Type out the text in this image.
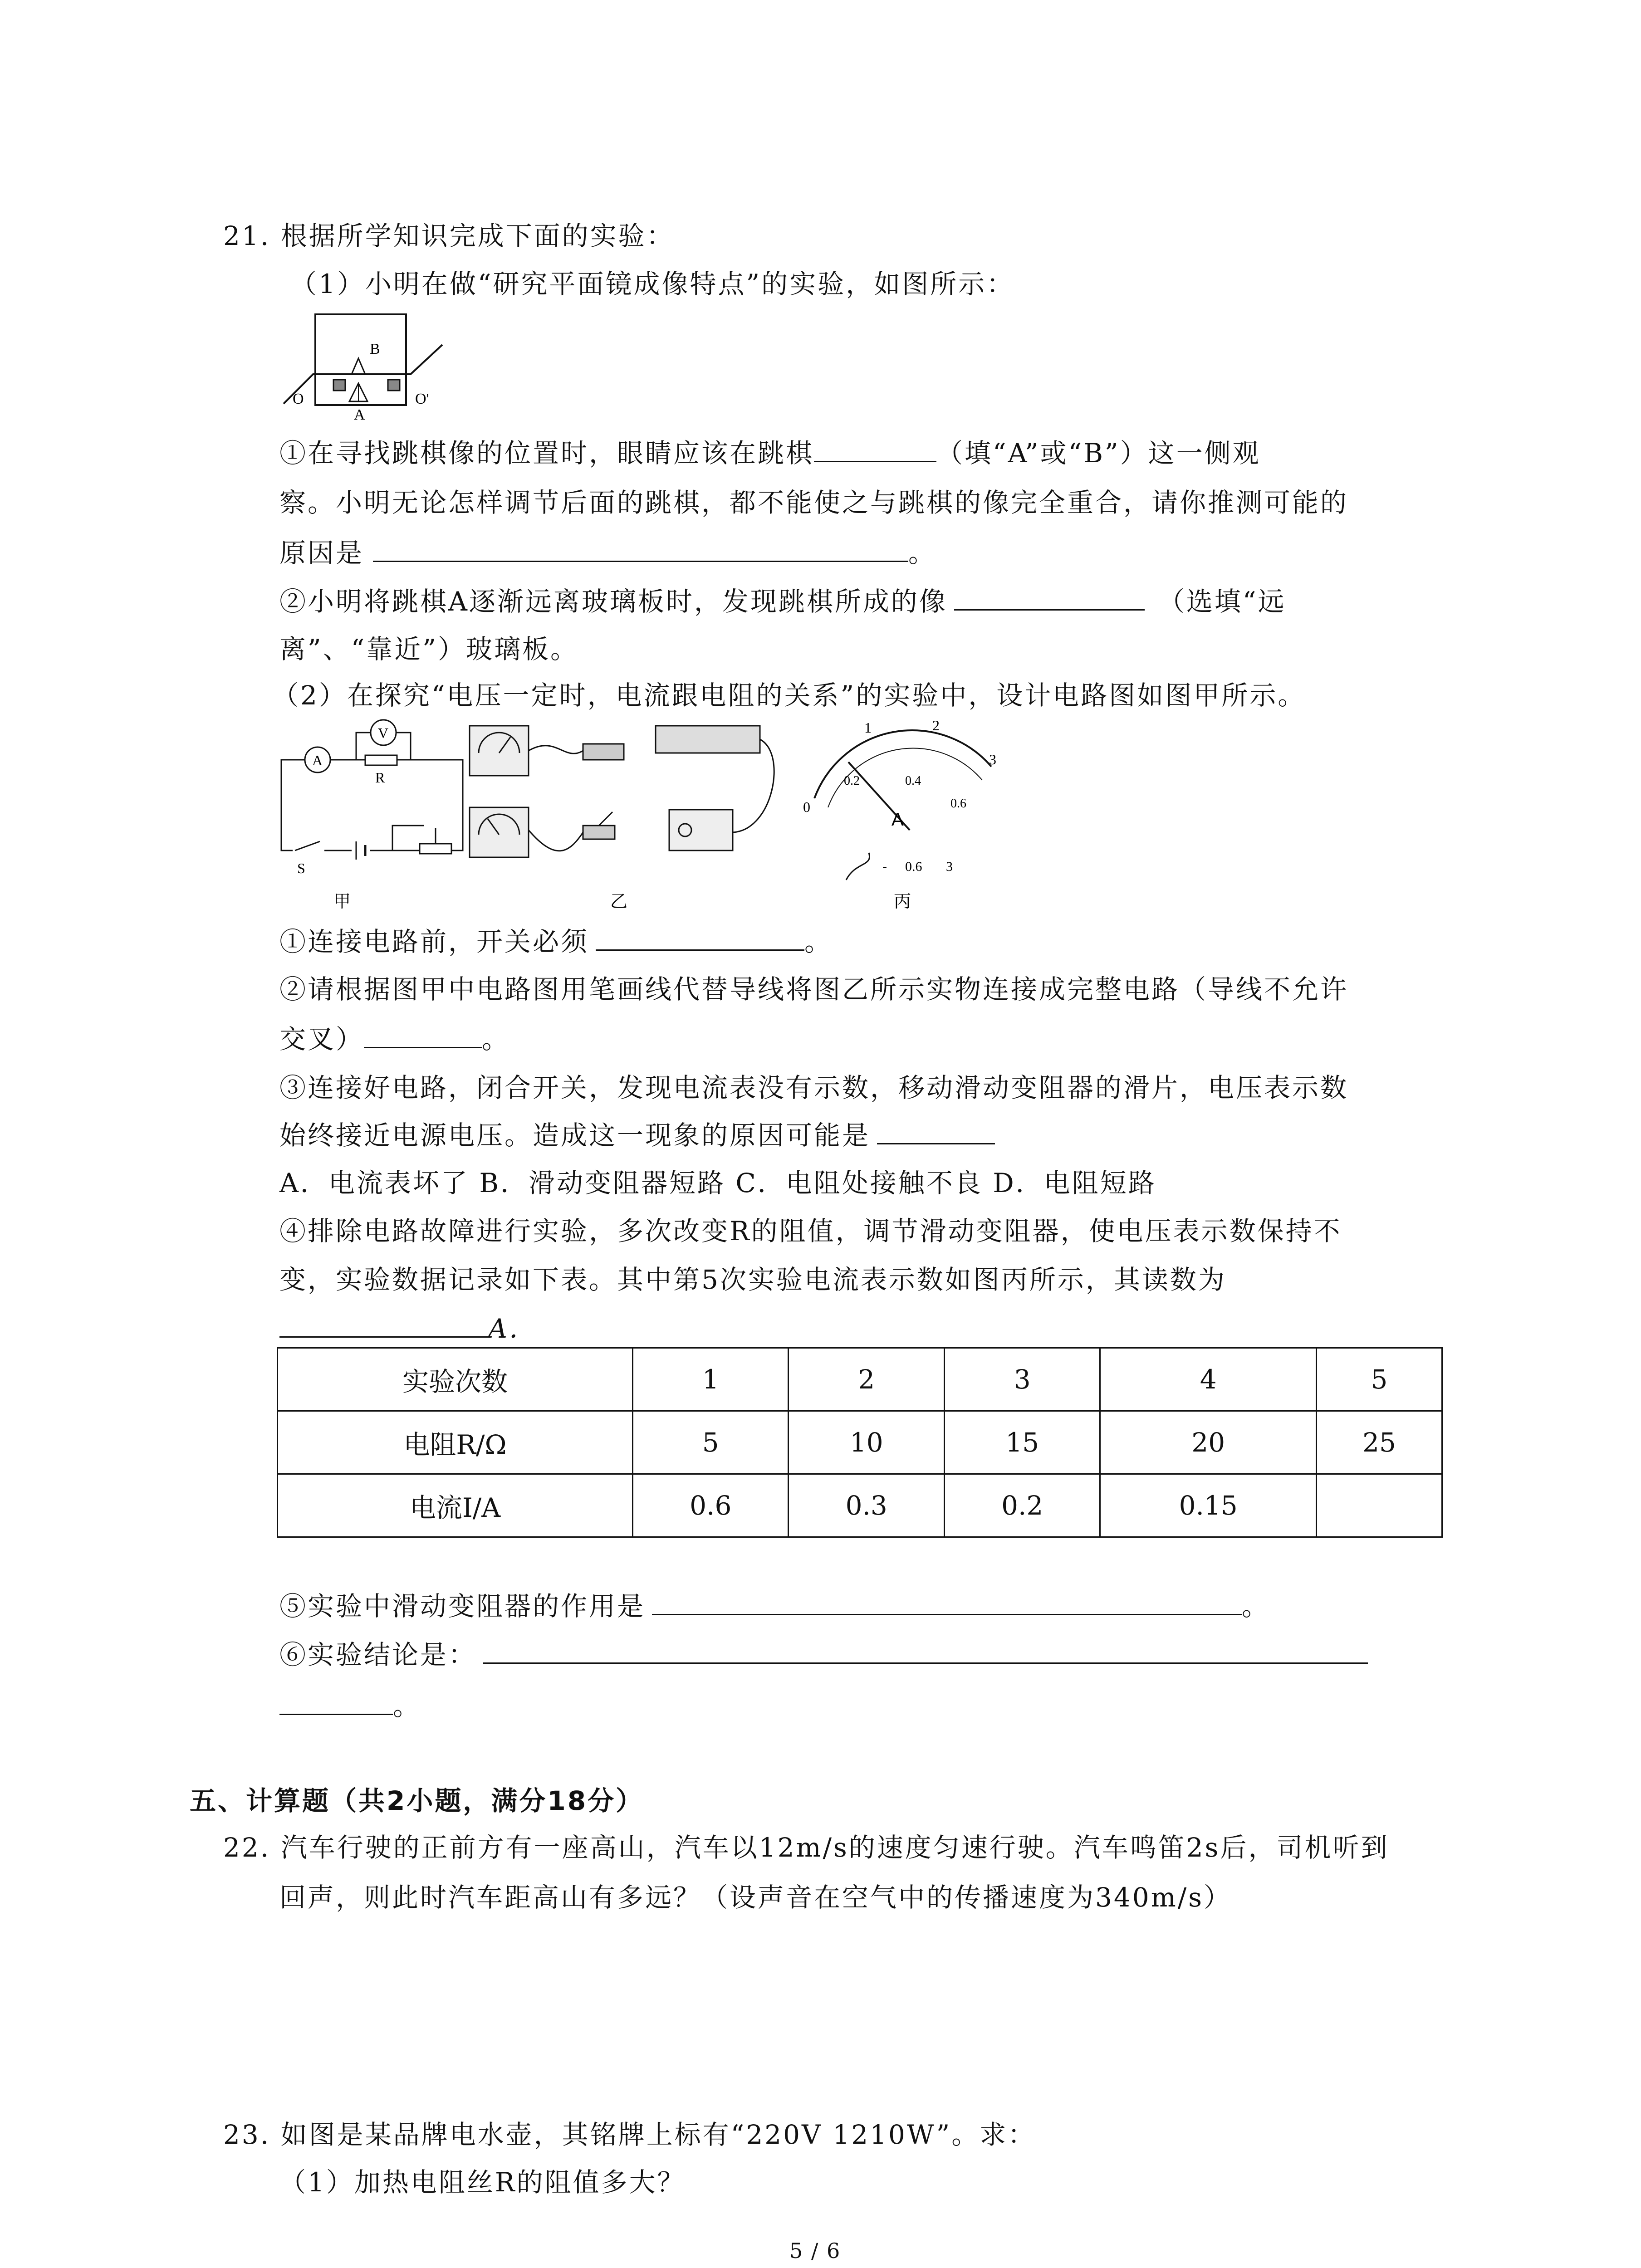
21. 根据所学知识完成下面的实验：
（1）小明在做“研究平面镜成像特点”的实验，如图所示：
B
A
O	O'
①在寻找跳棋像的位置时，眼睛应该在跳棋	（填“A”或“B”）这一侧观
察。小明无论怎样调节后面的跳棋，都不能使之与跳棋的像完全重合，请你推测可能的
原因是	。
②小明将跳棋A逐渐远离玻璃板时，发现跳棋所成的像	（选填“远
离”、“靠近”）玻璃板。
（2）在探究“电压一定时，电流跟电阻的关系”的实验中，设计电路图如图甲所示。
A
R
V
S
甲	乙
0
1	2
3
0.2	0.4
0.6
A
- 0.6 3
丙
①连接电路前，开关必须	。
②请根据图甲中电路图用笔画线代替导线将图乙所示实物连接成完整电路（导线不允许
交叉）	。
③连接好电路，闭合开关，发现电流表没有示数，移动滑动变阻器的滑片，电压表示数
始终接近电源电压。造成这一现象的原因可能是
A．电流表坏了 B．滑动变阻器短路 C．电阻处接触不良 D．电阻短路
④排除电路故障进行实验，多次改变R的阻值，调节滑动变阻器，使电压表示数保持不
变，实验数据记录如下表。其中第5次实验电流表示数如图丙所示，其读数为
A．
实验次数	1	2	3	4	5
电阻R/Ω	5	10	15	20	25
电流I/A	0.6	0.3	0.2	0.15	
⑤实验中滑动变阻器的作用是	。
⑥实验结论是：
。
五、计算题（共2小题，满分18分）
22. 汽车行驶的正前方有一座高山，汽车以12m/s的速度匀速行驶。汽车鸣笛2s后，司机听到
回声，则此时汽车距高山有多远？（设声音在空气中的传播速度为340m/s）
23. 如图是某品牌电水壶，其铭牌上标有“220V 1210W”。求：
（1）加热电阻丝R的阻值多大？
5 / 6
